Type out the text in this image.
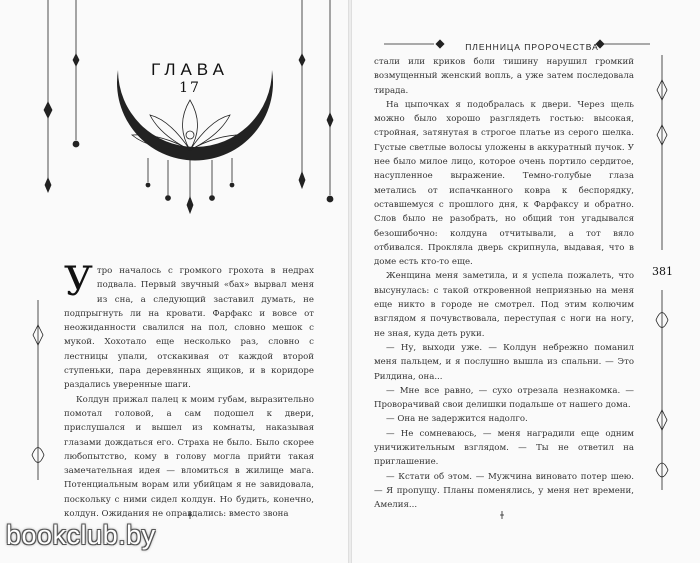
ГЛАВА
17

Утро началось с громкого грохота в недрах подвала. Первый звучный «бах» вырвал меня из сна, а следующий заставил думать, не подпрыгнуть ли на кровати. Фарфакс и вовсе от неожиданности свалился на пол, словно мешок с мукой. Хохотало еще несколько раз, словно с лестницы упали, отскакивая от каждой второй ступеньки, пара деревянных ящиков, и в коридоре раздались уверенные шаги.

Колдун прижал палец к моим губам, выразительно помотал головой, а сам подошел к двери, прислушался и вышел из комнаты, наказывая глазами дождаться его. Страха не было. Было скорее любопытство, кому в голову могла прийти такая замечательная идея — вломиться в жилище мага. Потенциальным ворам или убийцам я не завидовала, поскольку с ними сидел колдун. Но будить, конечно, колдун. Ожидания не оправдались: вместо звона

bookclub.by
ПЛЕННИЦА ПРОРОЧЕСТВА

стали или криков боли тишину нарушил громкий возмущенный женский вопль, а уже затем последовала тирада.

На цыпочках я подобралась к двери. Через щель можно было хорошо разглядеть гостью: высокая, стройная, затянутая в строгое платье из серого шелка. Густые светлые волосы уложены в аккуратный пучок. У нее было милое лицо, которое очень портило сердитое, насупленное выражение. Темно-голубые глаза метались от испачканного ковра к беспорядку, оставшемуся с прошлого дня, к Фарфаксу и обратно. Слов было не разобрать, но общий тон угадывался безошибочно: колдуна отчитывали, а тот вяло отбивался. Прокляла дверь скрипнула, выдавая, что в доме есть кто-то еще.

Женщина меня заметила, и я успела пожалеть, что высунулась: с такой откровенной неприязнью на меня еще никто в городе не смотрел. Под этим колючим взглядом я почувствовала, переступая с ноги на ногу, не зная, куда деть руки.

— Ну, выходи уже. — Колдун небрежно поманил меня пальцем, и я послушно вышла из спальни. — Это Рилдина, она...

— Мне все равно, — сухо отрезала незнакомка. — Проворачивай свои делишки подальше от нашего дома.

— Она не задержится надолго.

— Не сомневаюсь, — меня наградили еще одним уничижительным взглядом. — Ты не ответил на приглашение.

— Кстати об этом. — Мужчина виновато потер шею. — Я пропущу. Планы поменялись, у меня нет времени, Амелия...

381
